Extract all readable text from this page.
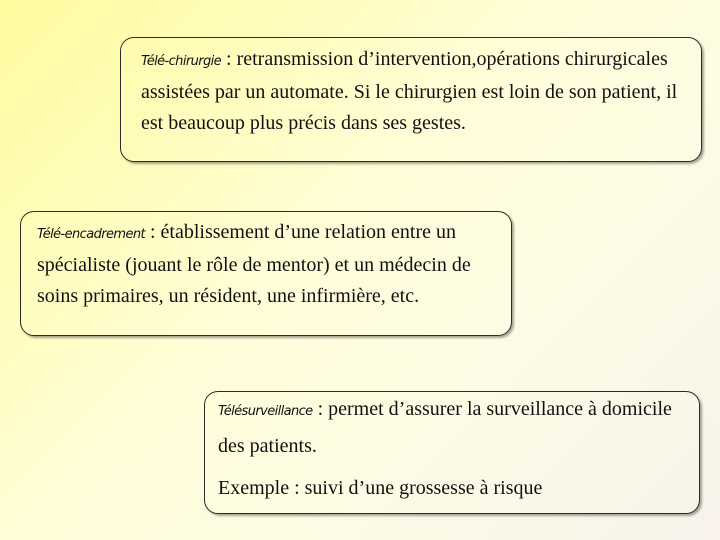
Télé-chirurgie : retransmission d’intervention,opérations chirurgicales assistées par un automate. Si le chirurgien est loin de son patient, il est beaucoup plus précis dans ses gestes.

Télé-encadrement : établissement d’une relation entre un spécialiste (jouant le rôle de mentor) et un médecin de soins primaires, un résident, une infirmière, etc.

Télésurveillance : permet d’assurer la surveillance à domicile des patients.

Exemple : suivi d’une grossesse à risque
